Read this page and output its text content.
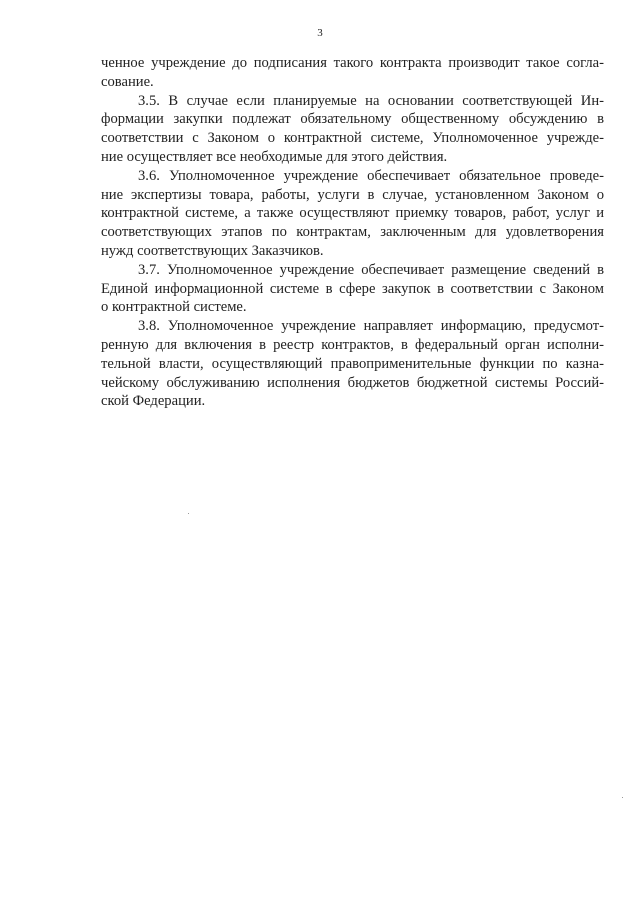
3
ченное учреждение до подписания такого контракта производит такое согла-
сование.
3.5. В случае если планируемые на основании соответствующей Ин-
формации закупки подлежат обязательному общественному обсуждению в
соответствии с Законом о контрактной системе, Уполномоченное учрежде-
ние осуществляет все необходимые для этого действия.
3.6. Уполномоченное учреждение обеспечивает обязательное проведе-
ние экспертизы товара, работы, услуги в случае, установленном Законом о
контрактной системе, а также осуществляют приемку товаров, работ, услуг и
соответствующих этапов по контрактам, заключенным для удовлетворения
нужд соответствующих Заказчиков.
3.7. Уполномоченное учреждение обеспечивает размещение сведений в
Единой информационной системе в сфере закупок в соответствии с Законом
о контрактной системе.
3.8. Уполномоченное учреждение направляет информацию, предусмот-
ренную для включения в реестр контрактов, в федеральный орган исполни-
тельной власти, осуществляющий правоприменительные функции по казна-
чейскому обслуживанию исполнения бюджетов бюджетной системы Россий-
ской Федерации.
